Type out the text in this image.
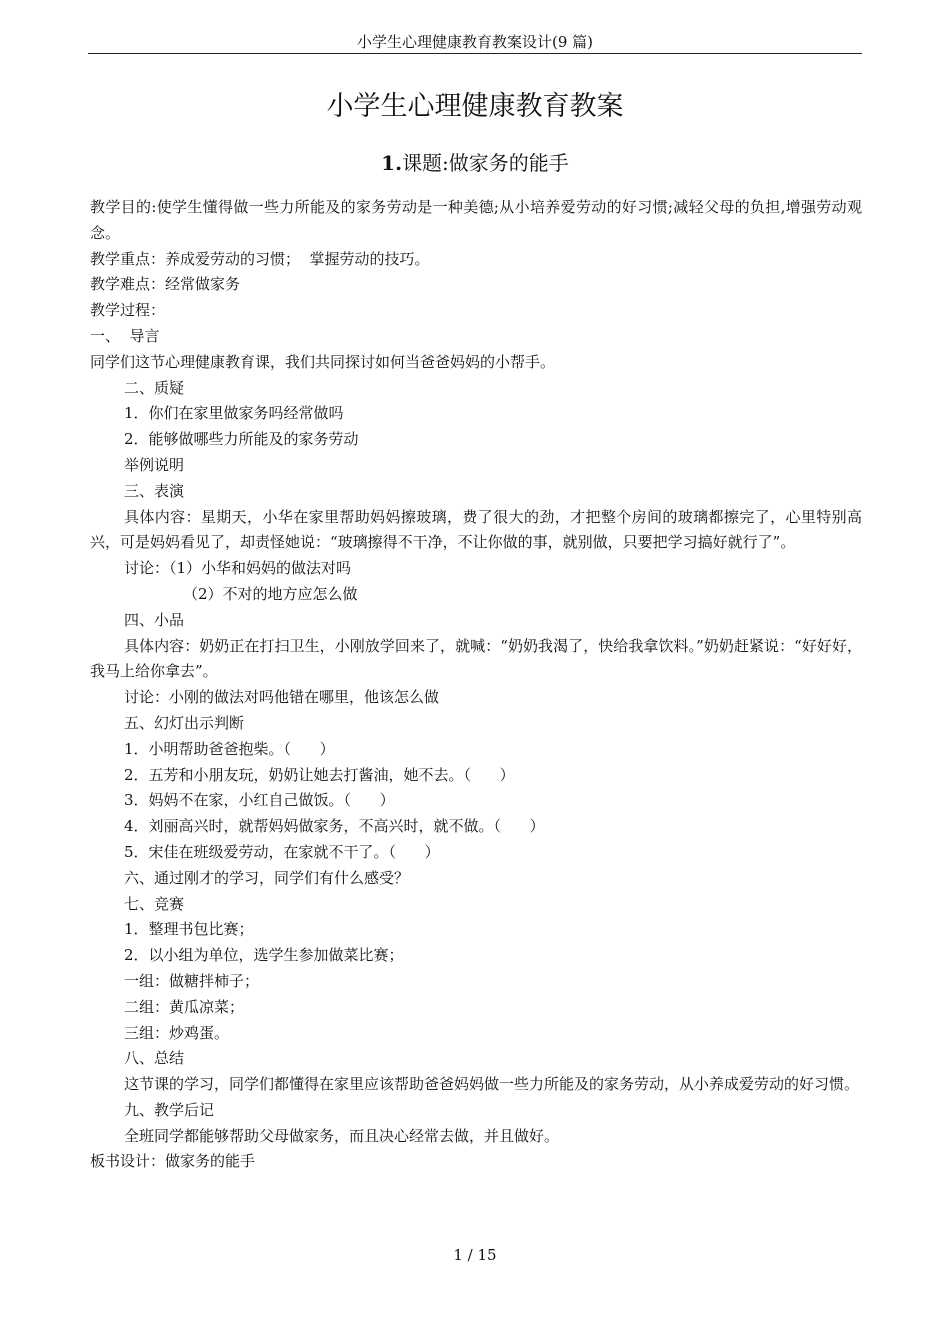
小学生心理健康教育教案设计(9 篇)
小学生心理健康教育教案
1.课题:做家务的能手

教学目的:使学生懂得做一些力所能及的家务劳动是一种美德;从小培养爱劳动的好习惯;减轻父母的负担,增强劳动观念。

教学重点：养成爱劳动的习惯；  掌握劳动的技巧。

教学难点：经常做家务

教学过程：

一、  导言

同学们这节心理健康教育课，我们共同探讨如何当爸爸妈妈的小帮手。

二、质疑

1．你们在家里做家务吗经常做吗

2．能够做哪些力所能及的家务劳动

举例说明

三、表演

具体内容：星期天，小华在家里帮助妈妈擦玻璃，费了很大的劲，才把整个房间的玻璃都擦完了，心里特别高兴，可是妈妈看见了，却责怪她说：“玻璃擦得不干净，不让你做的事，就别做，只要把学习搞好就行了”。

讨论：（1）小华和妈妈的做法对吗

（2）不对的地方应怎么做

四、小品

具体内容：奶奶正在打扫卫生，小刚放学回来了，就喊：“奶奶我渴了，快给我拿饮料。”奶奶赶紧说：“好好好，我马上给你拿去”。

讨论：小刚的做法对吗他错在哪里，他该怎么做

五、幻灯出示判断

1．小明帮助爸爸抱柴。（      ）

2．五芳和小朋友玩，奶奶让她去打酱油，她不去。（      ）

3．妈妈不在家，小红自己做饭。（      ）

4．刘丽高兴时，就帮妈妈做家务，不高兴时，就不做。（      ）

5．宋佳在班级爱劳动，在家就不干了。（      ）

六、通过刚才的学习，同学们有什么感受？

七、竞赛

1．整理书包比赛；

2．以小组为单位，选学生参加做菜比赛；

一组：做糖拌柿子；

二组：黄瓜凉菜；

三组：炒鸡蛋。

八、总结

这节课的学习，同学们都懂得在家里应该帮助爸爸妈妈做一些力所能及的家务劳动，从小养成爱劳动的好习惯。

九、教学后记

全班同学都能够帮助父母做家务，而且决心经常去做，并且做好。

板书设计：做家务的能手

1 / 15
